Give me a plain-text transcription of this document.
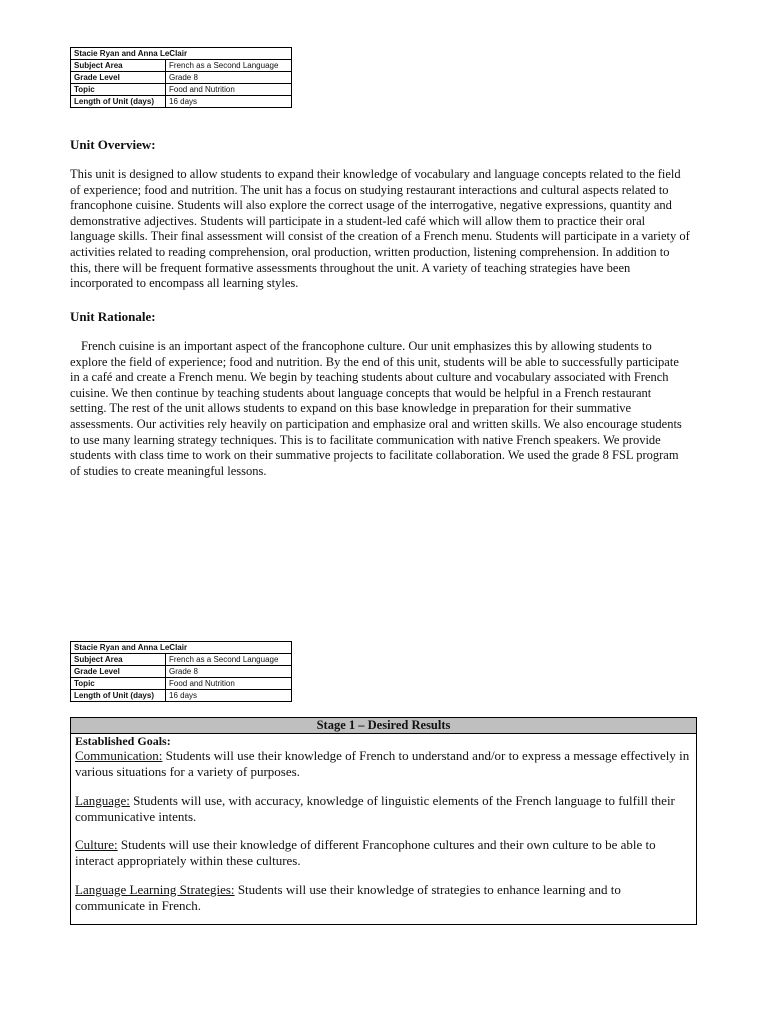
Stacie Ryan and Anna LeClair	
Subject Area	French as a Second Language
Grade Level	Grade 8
Topic	Food and Nutrition
Length of Unit (days)	16 days
Unit Overview:

This unit is designed to allow students to expand their knowledge of vocabulary and language concepts related to the field of experience; food and nutrition. The unit has a focus on studying restaurant interactions and cultural aspects related to francophone cuisine. Students will also explore the correct usage of the interrogative, negative expressions, quantity and demonstrative adjectives. Students will participate in a student-led café which will allow them to practice their oral language skills. Their final assessment will consist of the creation of a French menu. Students will participate in a variety of activities related to reading comprehension, oral production, written production, listening comprehension. In addition to this, there will be frequent formative assessments throughout the unit. A variety of teaching strategies have been incorporated to encompass all learning styles.

Unit Rationale:

French cuisine is an important aspect of the francophone culture. Our unit emphasizes this by allowing students to explore the field of experience; food and nutrition. By the end of this unit, students will be able to successfully participate in a café and create a French menu. We begin by teaching students about culture and vocabulary associated with French cuisine. We then continue by teaching students about language concepts that would be helpful in a French restaurant setting. The rest of the unit allows students to expand on this base knowledge in preparation for their summative assessments. Our activities rely heavily on participation and emphasize oral and written skills. We also encourage students to use many learning strategy techniques. This is to facilitate communication with native French speakers. We provide students with class time to work on their summative projects to facilitate collaboration. We used the grade 8 FSL program of studies to create meaningful lessons.

Stacie Ryan and Anna LeClair	
Subject Area	French as a Second Language
Grade Level	Grade 8
Topic	Food and Nutrition
Length of Unit (days)	16 days
Stage 1 – Desired Results
Established Goals:

Communication: Students will use their knowledge of French to understand and/or to express a message effectively in various situations for a variety of purposes.

Language: Students will use, with accuracy, knowledge of linguistic elements of the French language to fulfill their communicative intents.

Culture: Students will use their knowledge of different Francophone cultures and their own culture to be able to interact appropriately within these cultures.

Language Learning Strategies: Students will use their knowledge of strategies to enhance learning and to communicate in French.
